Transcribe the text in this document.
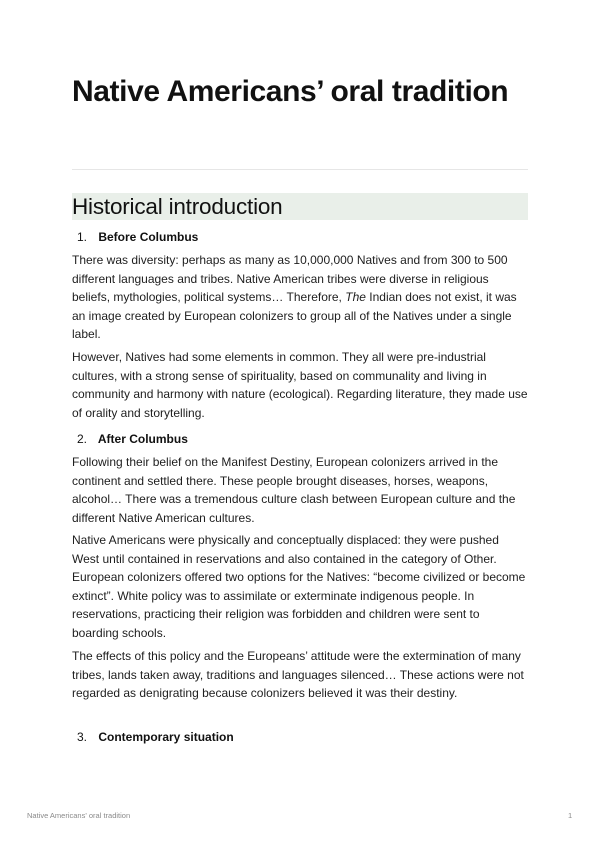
Native Americans’ oral tradition
Historical introduction
1. Before Columbus

There was diversity: perhaps as many as 10,000,000 Natives and from 300 to 500 different languages and tribes. Native American tribes were diverse in religious beliefs, mythologies, political systems… Therefore, The Indian does not exist, it was an image created by European colonizers to group all of the Natives under a single label.

However, Natives had some elements in common. They all were pre-industrial cultures, with a strong sense of spirituality, based on communality and living in community and harmony with nature (ecological). Regarding literature, they made use of orality and storytelling.

2. After Columbus

Following their belief on the Manifest Destiny, European colonizers arrived in the continent and settled there. These people brought diseases, horses, weapons, alcohol… There was a tremendous culture clash between European culture and the different Native American cultures.

Native Americans were physically and conceptually displaced: they were pushed West until contained in reservations and also contained in the category of Other. European colonizers offered two options for the Natives: “become civilized or become extinct”. White policy was to assimilate or exterminate indigenous people. In reservations, practicing their religion was forbidden and children were sent to boarding schools.

The effects of this policy and the Europeans’ attitude were the extermination of many tribes, lands taken away, traditions and languages silenced… These actions were not regarded as denigrating because colonizers believed it was their destiny.

3. Contemporary situation
Native Americans' oral tradition	1
